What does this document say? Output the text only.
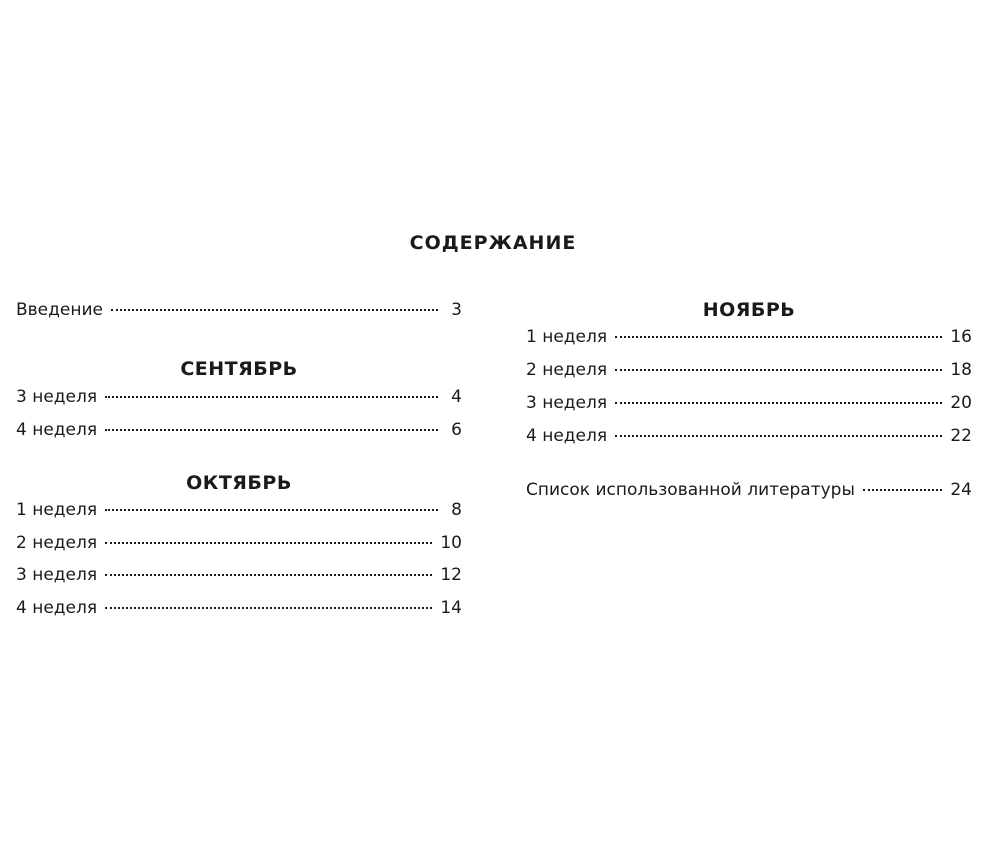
СОДЕРЖАНИЕ
Введение	3
СЕНТЯБРЬ
3 неделя	4
4 неделя	6
ОКТЯБРЬ
1 неделя	8
2 неделя	10
3 неделя	12
4 неделя	14
НОЯБРЬ
1 неделя	16
2 неделя	18
3 неделя	20
4 неделя	22
Список использованной литературы	24
